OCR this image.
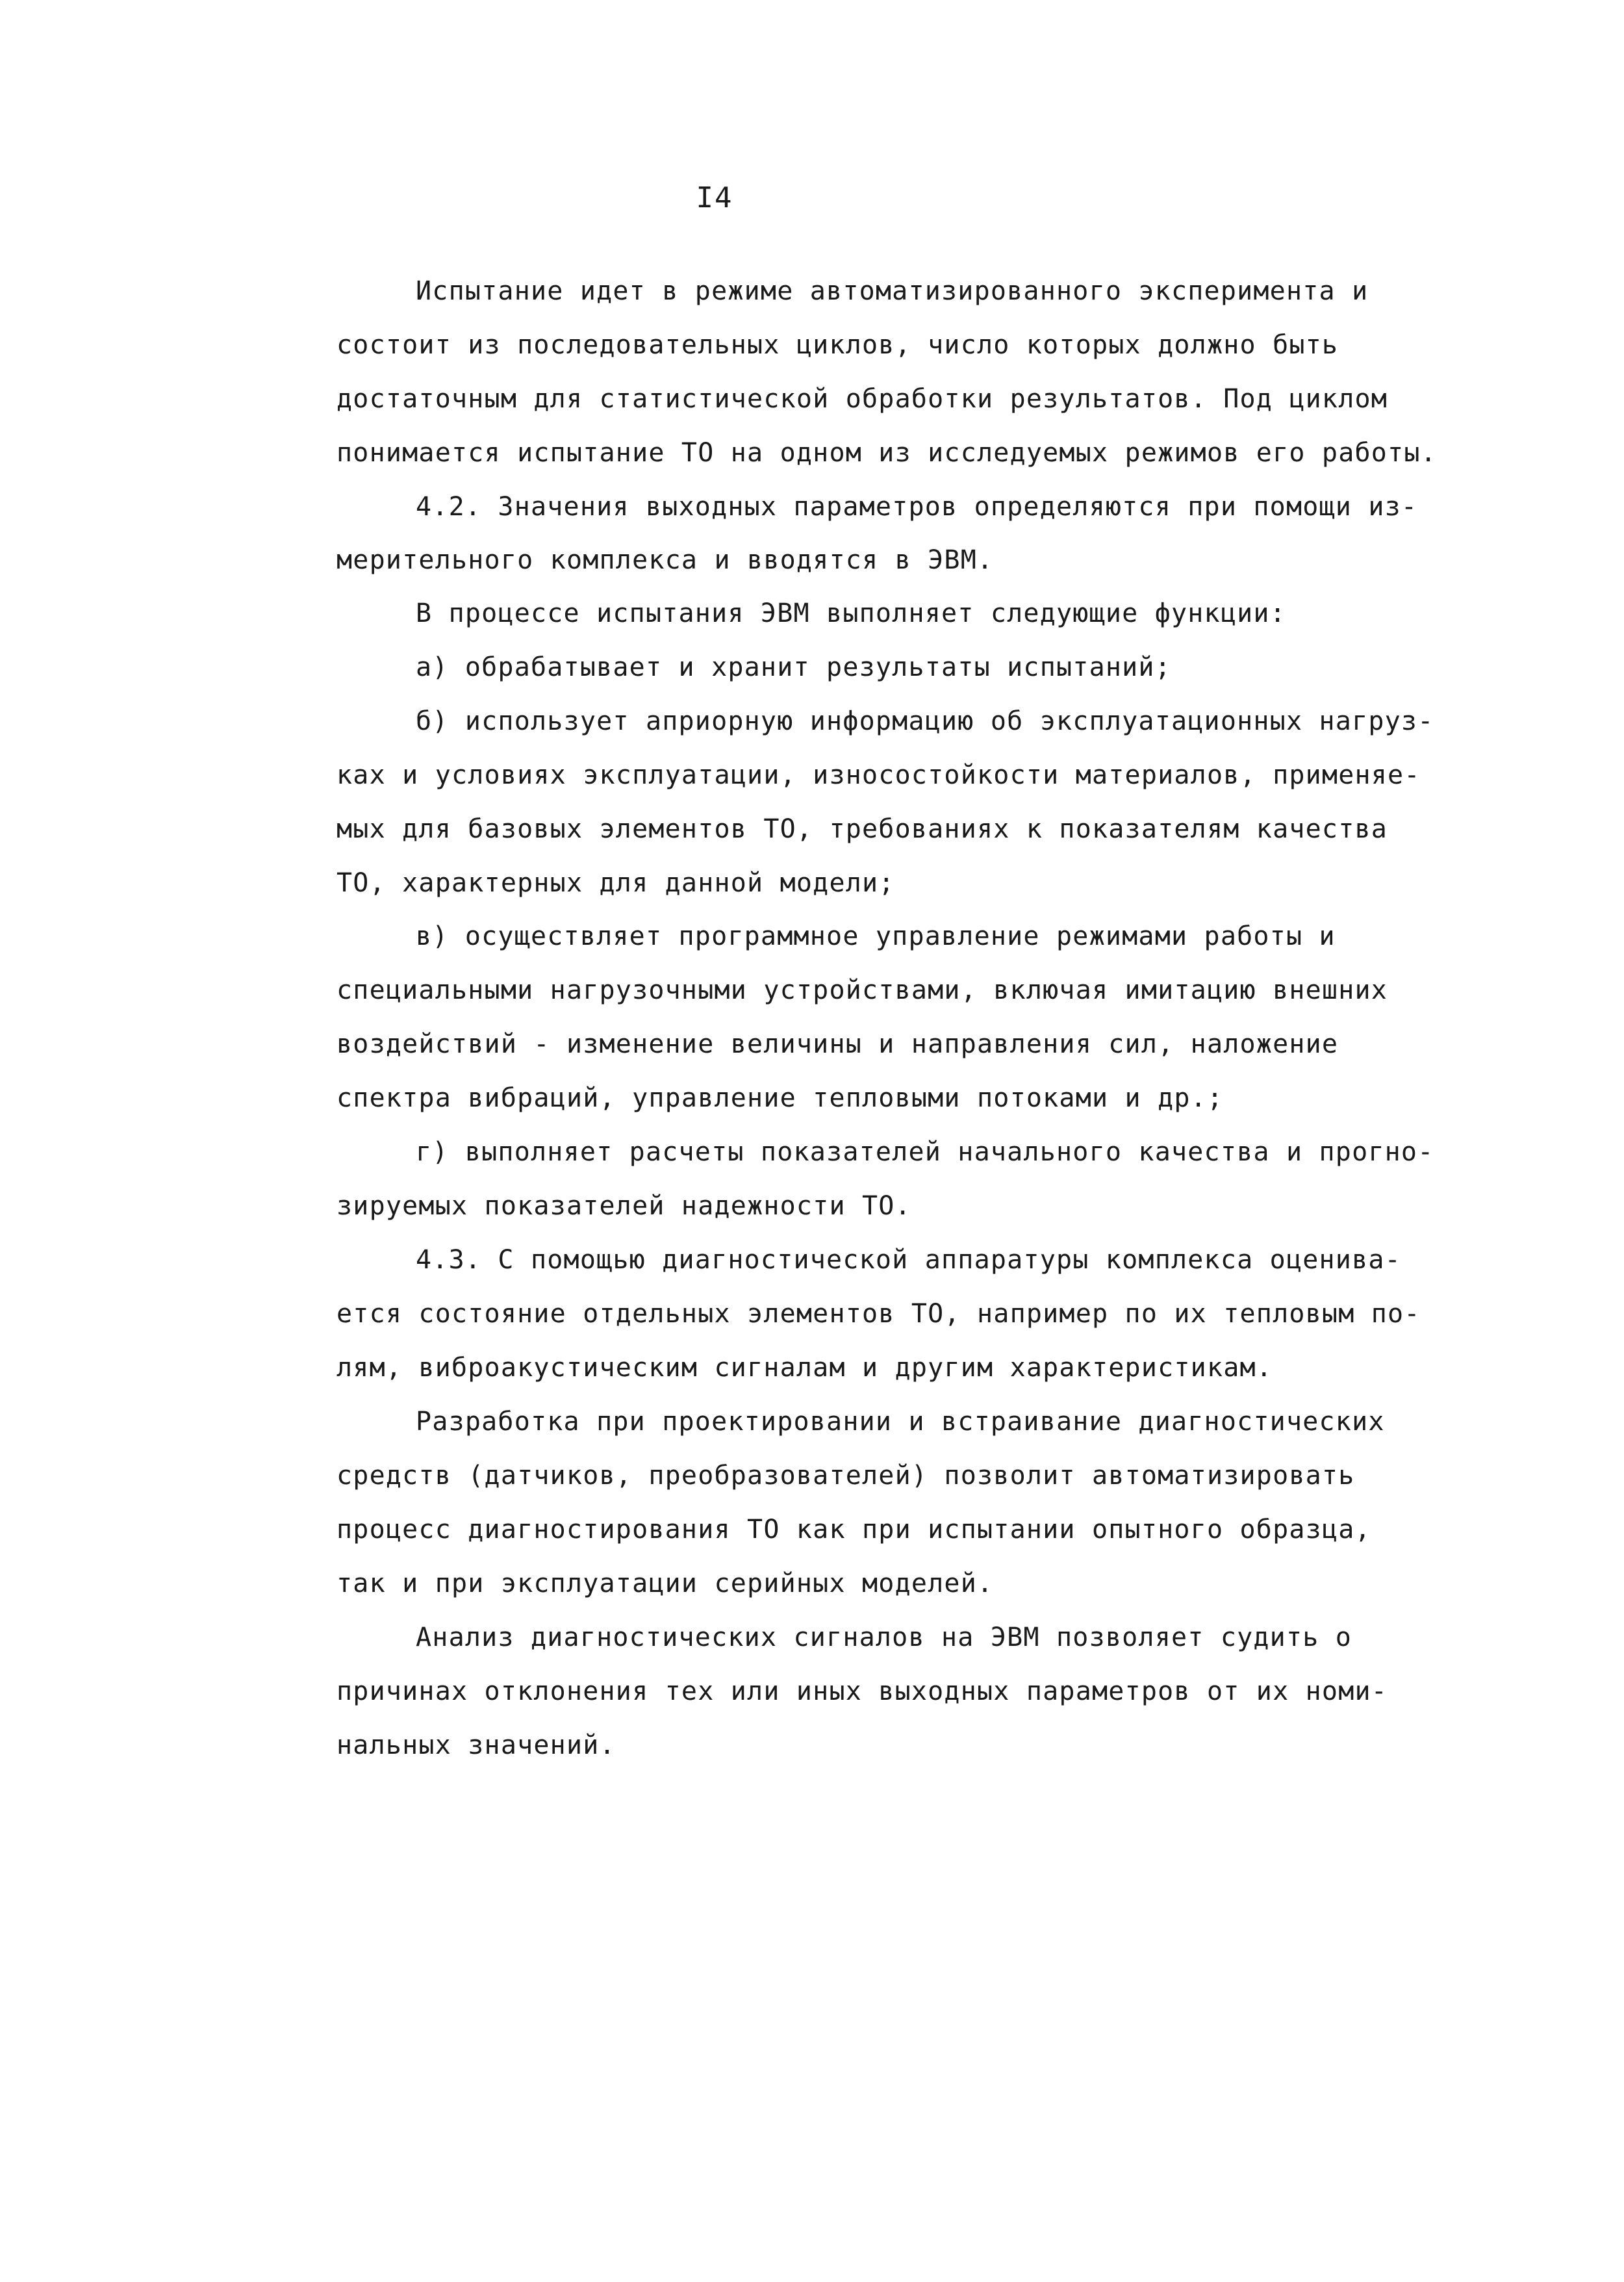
I4
Испытание идет в режиме автоматизированного эксперимента и
состоит из последовательных циклов, число которых должно быть
достаточным для статистической обработки результатов. Под циклом
понимается испытание ТО на одном из исследуемых режимов его работы.
4.2. Значения выходных параметров определяются при помощи из-
мерительного комплекса и вводятся в ЭВМ.
В процессе испытания ЭВМ выполняет следующие функции:
а) обрабатывает и хранит результаты испытаний;
б) использует априорную информацию об эксплуатационных нагруз-
ках и условиях эксплуатации, износостойкости материалов, применяе-
мых для базовых элементов ТО, требованиях к показателям качества
ТО, характерных для данной модели;
в) осуществляет программное управление режимами работы и
специальными нагрузочными устройствами, включая имитацию внешних
воздействий - изменение величины и направления сил, наложение
спектра вибраций, управление тепловыми потоками и др.;
г) выполняет расчеты показателей начального качества и прогно-
зируемых показателей надежности ТО.
4.3. С помощью диагностической аппаратуры комплекса оценива-
ется состояние отдельных элементов ТО, например по их тепловым по-
лям, виброакустическим сигналам и другим характеристикам.
Разработка при проектировании и встраивание диагностических
средств (датчиков, преобразователей) позволит автоматизировать
процесс диагностирования ТО как при испытании опытного образца,
так и при эксплуатации серийных моделей.
Анализ диагностических сигналов на ЭВМ позволяет судить о
причинах отклонения тех или иных выходных параметров от их номи-
нальных значений.
